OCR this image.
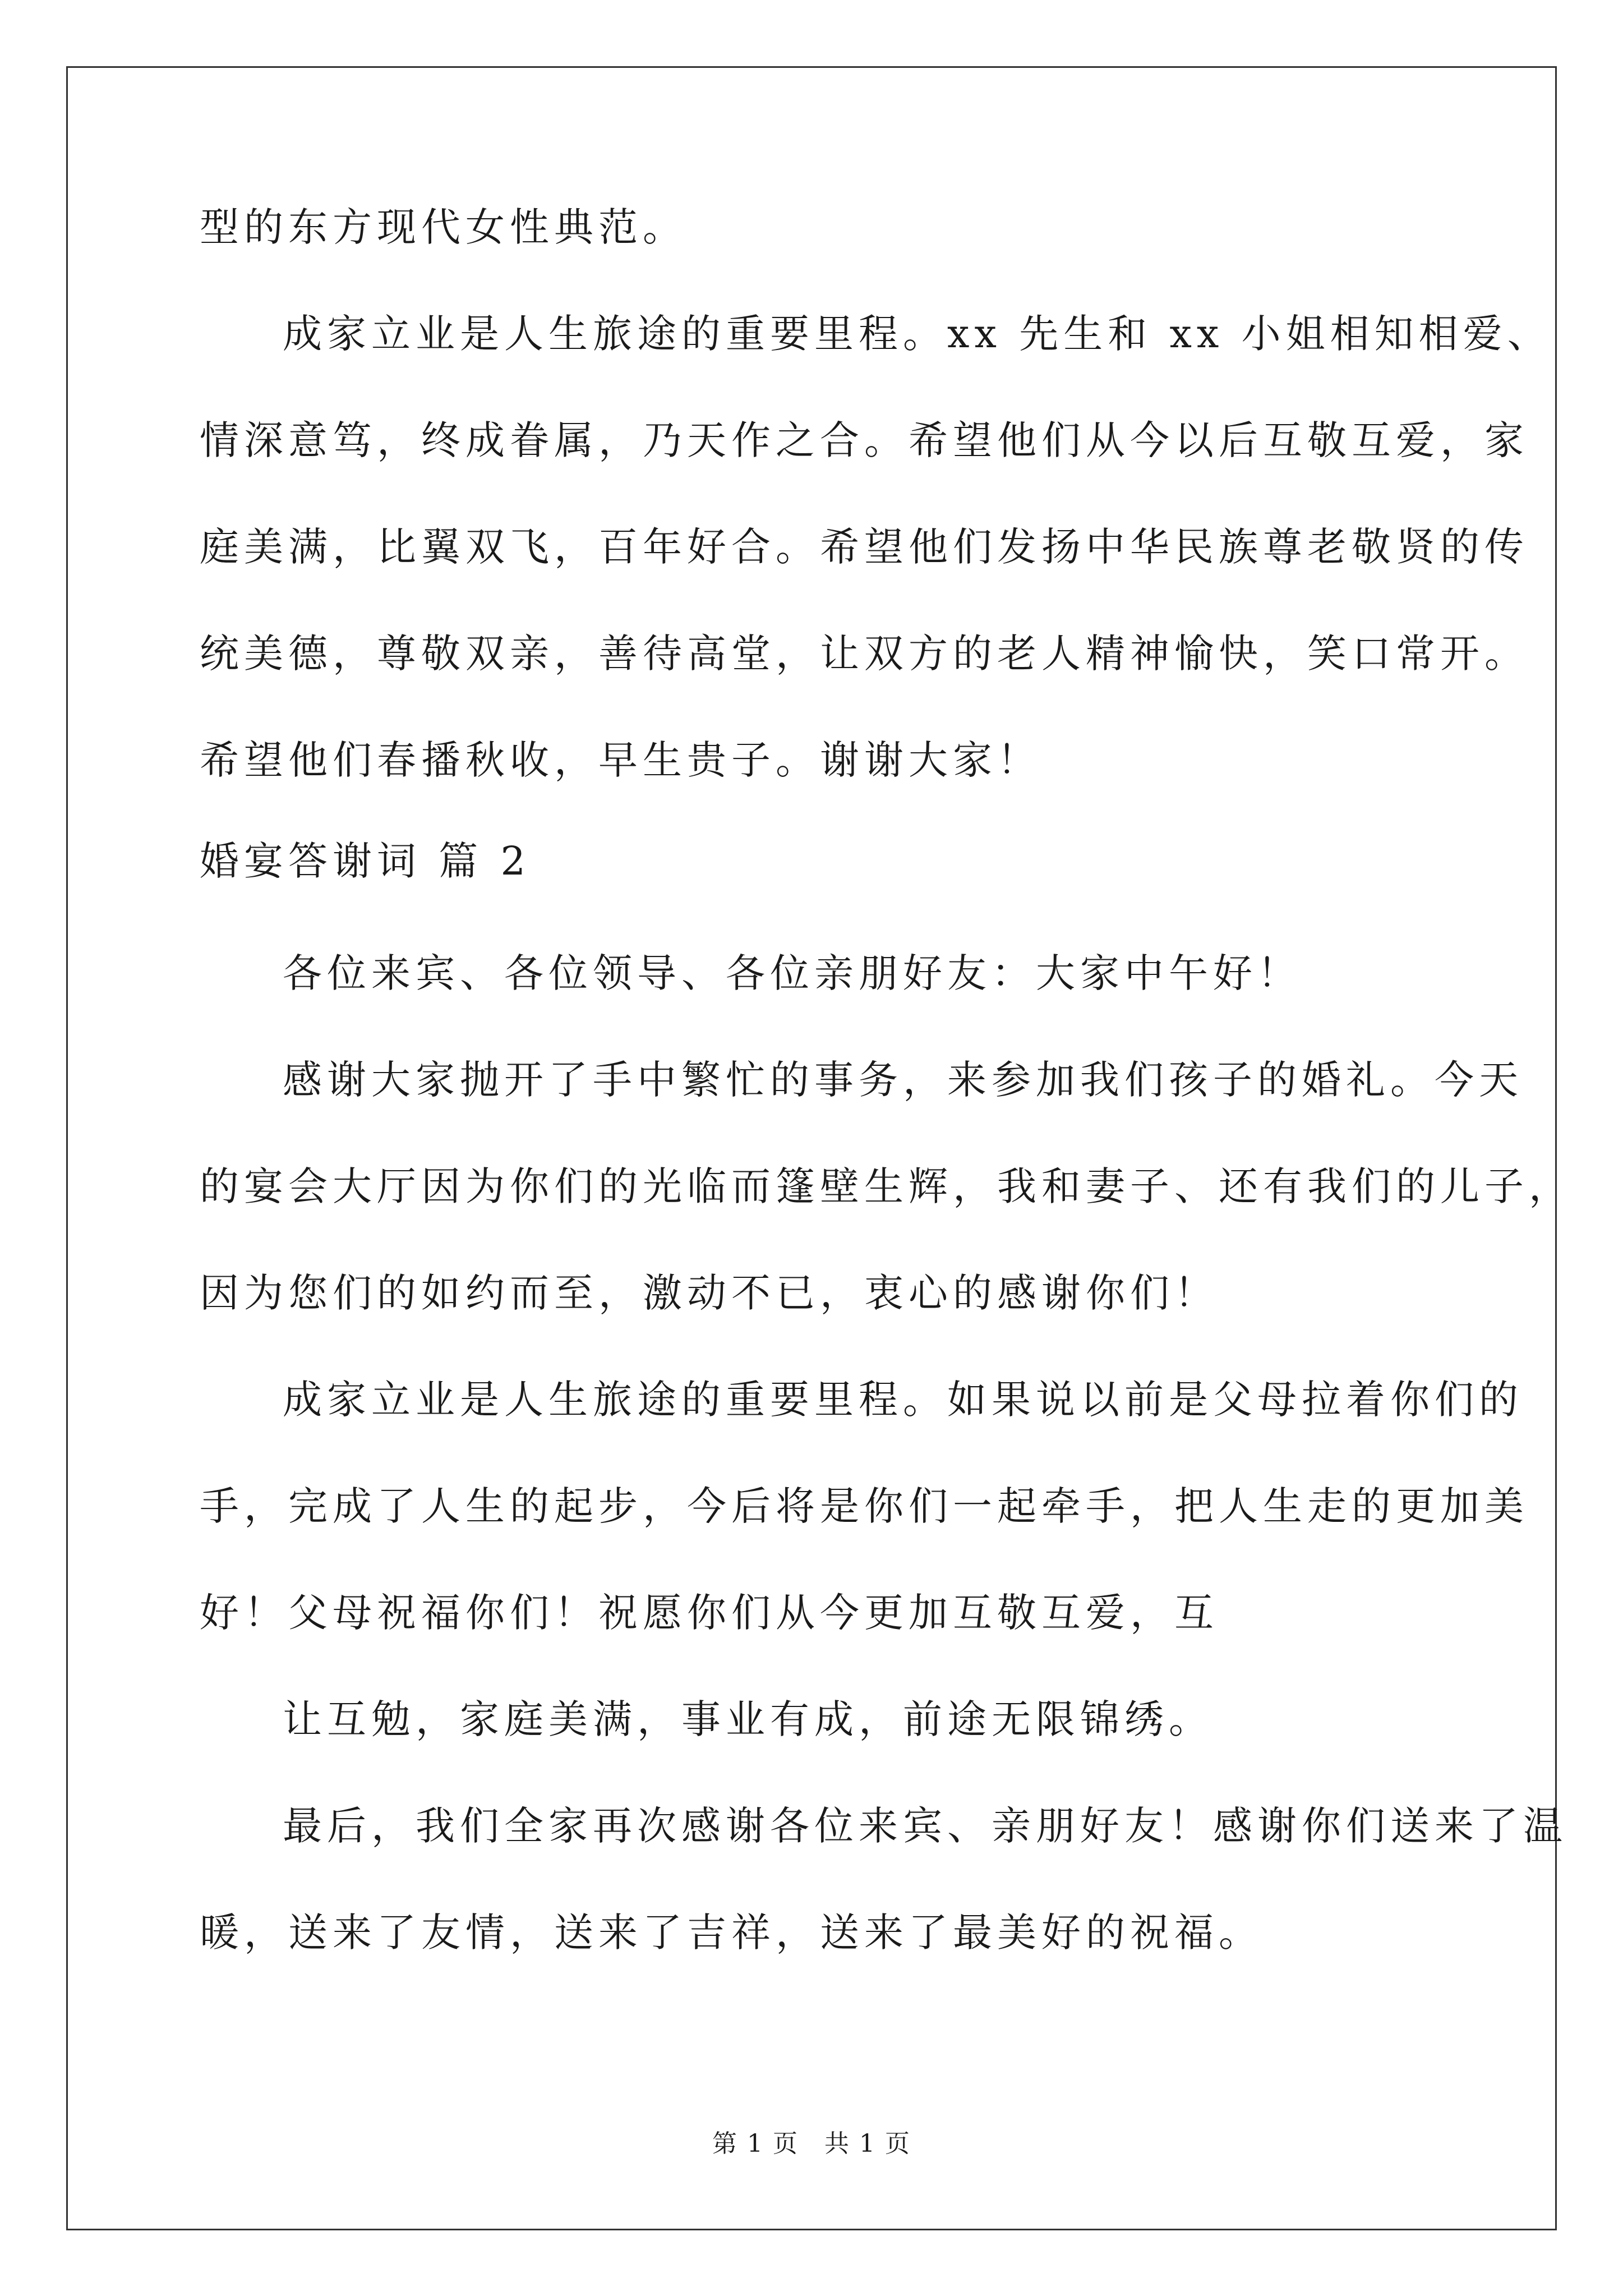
型的东方现代女性典范。

成家立业是人生旅途的重要里程。xx 先生和 xx 小姐相知相爱、

情深意笃，终成眷属，乃天作之合。希望他们从今以后互敬互爱，家

庭美满，比翼双飞，百年好合。希望他们发扬中华民族尊老敬贤的传

统美德，尊敬双亲，善待高堂，让双方的老人精神愉快，笑口常开。

希望他们春播秋收，早生贵子。谢谢大家！

婚宴答谢词 篇 2

各位来宾、各位领导、各位亲朋好友：大家中午好！

感谢大家抛开了手中繁忙的事务，来参加我们孩子的婚礼。今天

的宴会大厅因为你们的光临而篷壁生辉，我和妻子、还有我们的儿子，

因为您们的如约而至，激动不已，衷心的感谢你们！

成家立业是人生旅途的重要里程。如果说以前是父母拉着你们的

手，完成了人生的起步，今后将是你们一起牵手，把人生走的更加美

好！父母祝福你们！祝愿你们从今更加互敬互爱，互

让互勉，家庭美满，事业有成，前途无限锦绣。

最后，我们全家再次感谢各位来宾、亲朋好友！感谢你们送来了温

暖，送来了友情，送来了吉祥，送来了最美好的祝福。

第 1 页　共 1 页
